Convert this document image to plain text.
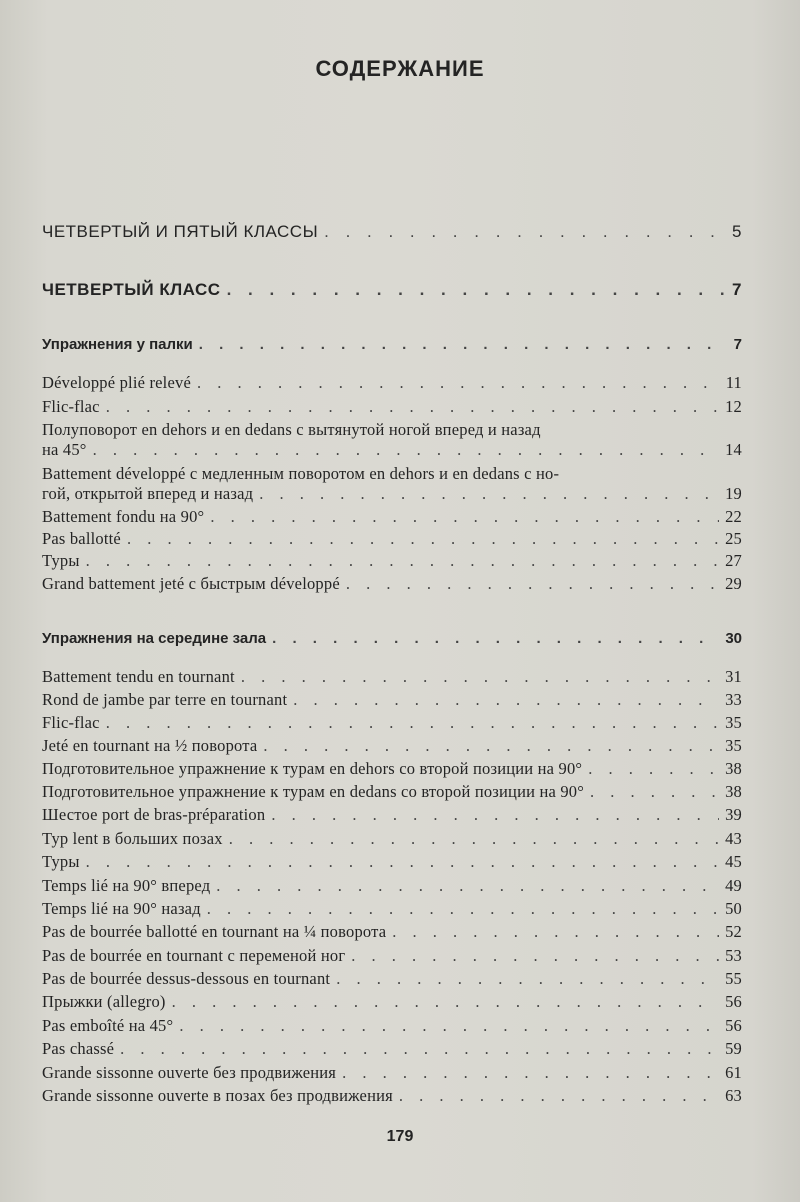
СОДЕРЖАНИЕ
ЧЕТВЕРТЫЙ И ПЯТЫЙ КЛАССЫ . . .	5
ЧЕТВЕРТЫЙ КЛАСС . . .	7
Упражнения у палки . . .	7
Développé plié relevé . . .	11
Flic-flac . . .	12
Полуповорот en dehors и en dedans с вытянутой ногой вперед и назад
на 45° . . .	14
Battement développé с медленным поворотом en dehors и en dedans с но-
гой, открытой вперед и назад . . .	19
Battement fondu на 90° . . .	22
Pas ballotté . . .	25
Туры . . .	27
Grand battement jeté с быстрым développé . . .	29
Упражнения на середине зала . . .	30
Battement tendu en tournant . . .	31
Rond de jambe par terre en tournant . . .	33
Flic-flac . . .	35
Jeté en tournant на ½ поворота . . .	35
Подготовительное упражнение к турам en dehors со второй позиции на 90° . . .	38
Подготовительное упражнение к турам en dedans со второй позиции на 90° . . .	38
Шестое port de bras-préparation . . .	39
Тур lent в больших позах . . .	43
Туры . . .	45
Temps lié на 90° вперед . . .	49
Temps lié на 90° назад . . .	50
Pas de bourrée ballotté en tournant на ¼ поворота . . .	52
Pas de bourrée en tournant с переменой ног . . .	53
Pas de bourrée dessus-dessous en tournant . . .	55
Прыжки (allegro) . . .	56
Pas emboîté на 45° . . .	56
Pas chassé . . .	59
Grande sissonne ouverte без продвижения . . .	61
Grande sissonne ouverte в позах без продвижения . . .	63
179
